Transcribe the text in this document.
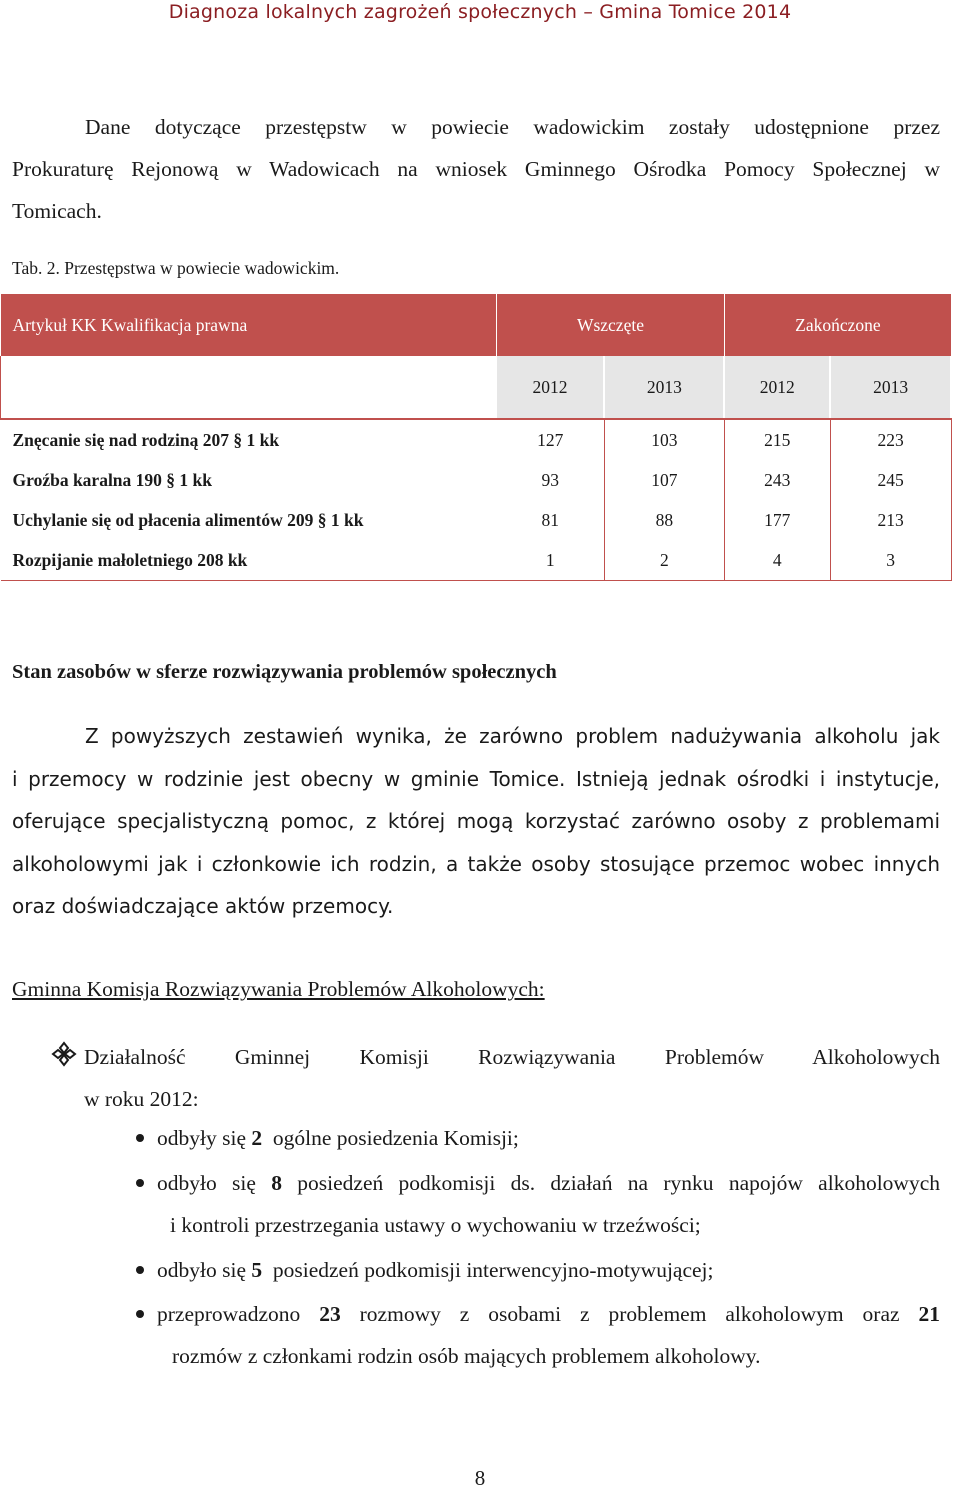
Diagnoza lokalnych zagrożeń społecznych – Gmina Tomice 2014
Dane dotyczące przestępstw w powiecie wadowickim zostały udostępnione przez
Prokuraturę Rejonową w Wadowicach na wniosek Gminnego Ośrodka Pomocy Społecznej w
Tomicach.
Tab. 2. Przestępstwa w powiecie wadowickim.
Artykuł KK Kwalifikacja prawna	Wszczęte		Zakończone	
	2012	2013	2012	2013
Znęcanie się nad rodziną 207 § 1 kk	127	103	215	223
Groźba karalna 190 § 1 kk	93	107	243	245
Uchylanie się od płacenia alimentów 209 § 1 kk	81	88	177	213
Rozpijanie małoletniego 208 kk	1	2	4	3
Stan zasobów w sferze rozwiązywania problemów społecznych
Z powyższych zestawień wynika, że zarówno problem nadużywania alkoholu jak
i przemocy w rodzinie jest obecny w gminie Tomice. Istnieją jednak ośrodki i instytucje,
oferujące specjalistyczną pomoc, z której mogą korzystać zarówno osoby z problemami
alkoholowymi jak i członkowie ich rodzin, a także osoby stosujące przemoc wobec innych
oraz doświadczające aktów przemocy.
Gminna Komisja Rozwiązywania Problemów Alkoholowych:
Działalność Gminnej Komisji Rozwiązywania Problemów Alkoholowych
w roku 2012:
odbyły się 2  ogólne posiedzenia Komisji;
odbyło się 8 posiedzeń podkomisji ds. działań na rynku napojów alkoholowych
i kontroli przestrzegania ustawy o wychowaniu w trzeźwości;
odbyło się 5  posiedzeń podkomisji interwencyjno-motywującej;
przeprowadzono 23 rozmowy z osobami z problemem alkoholowym oraz 21
rozmów z członkami rodzin osób mających problemem alkoholowy.
8
